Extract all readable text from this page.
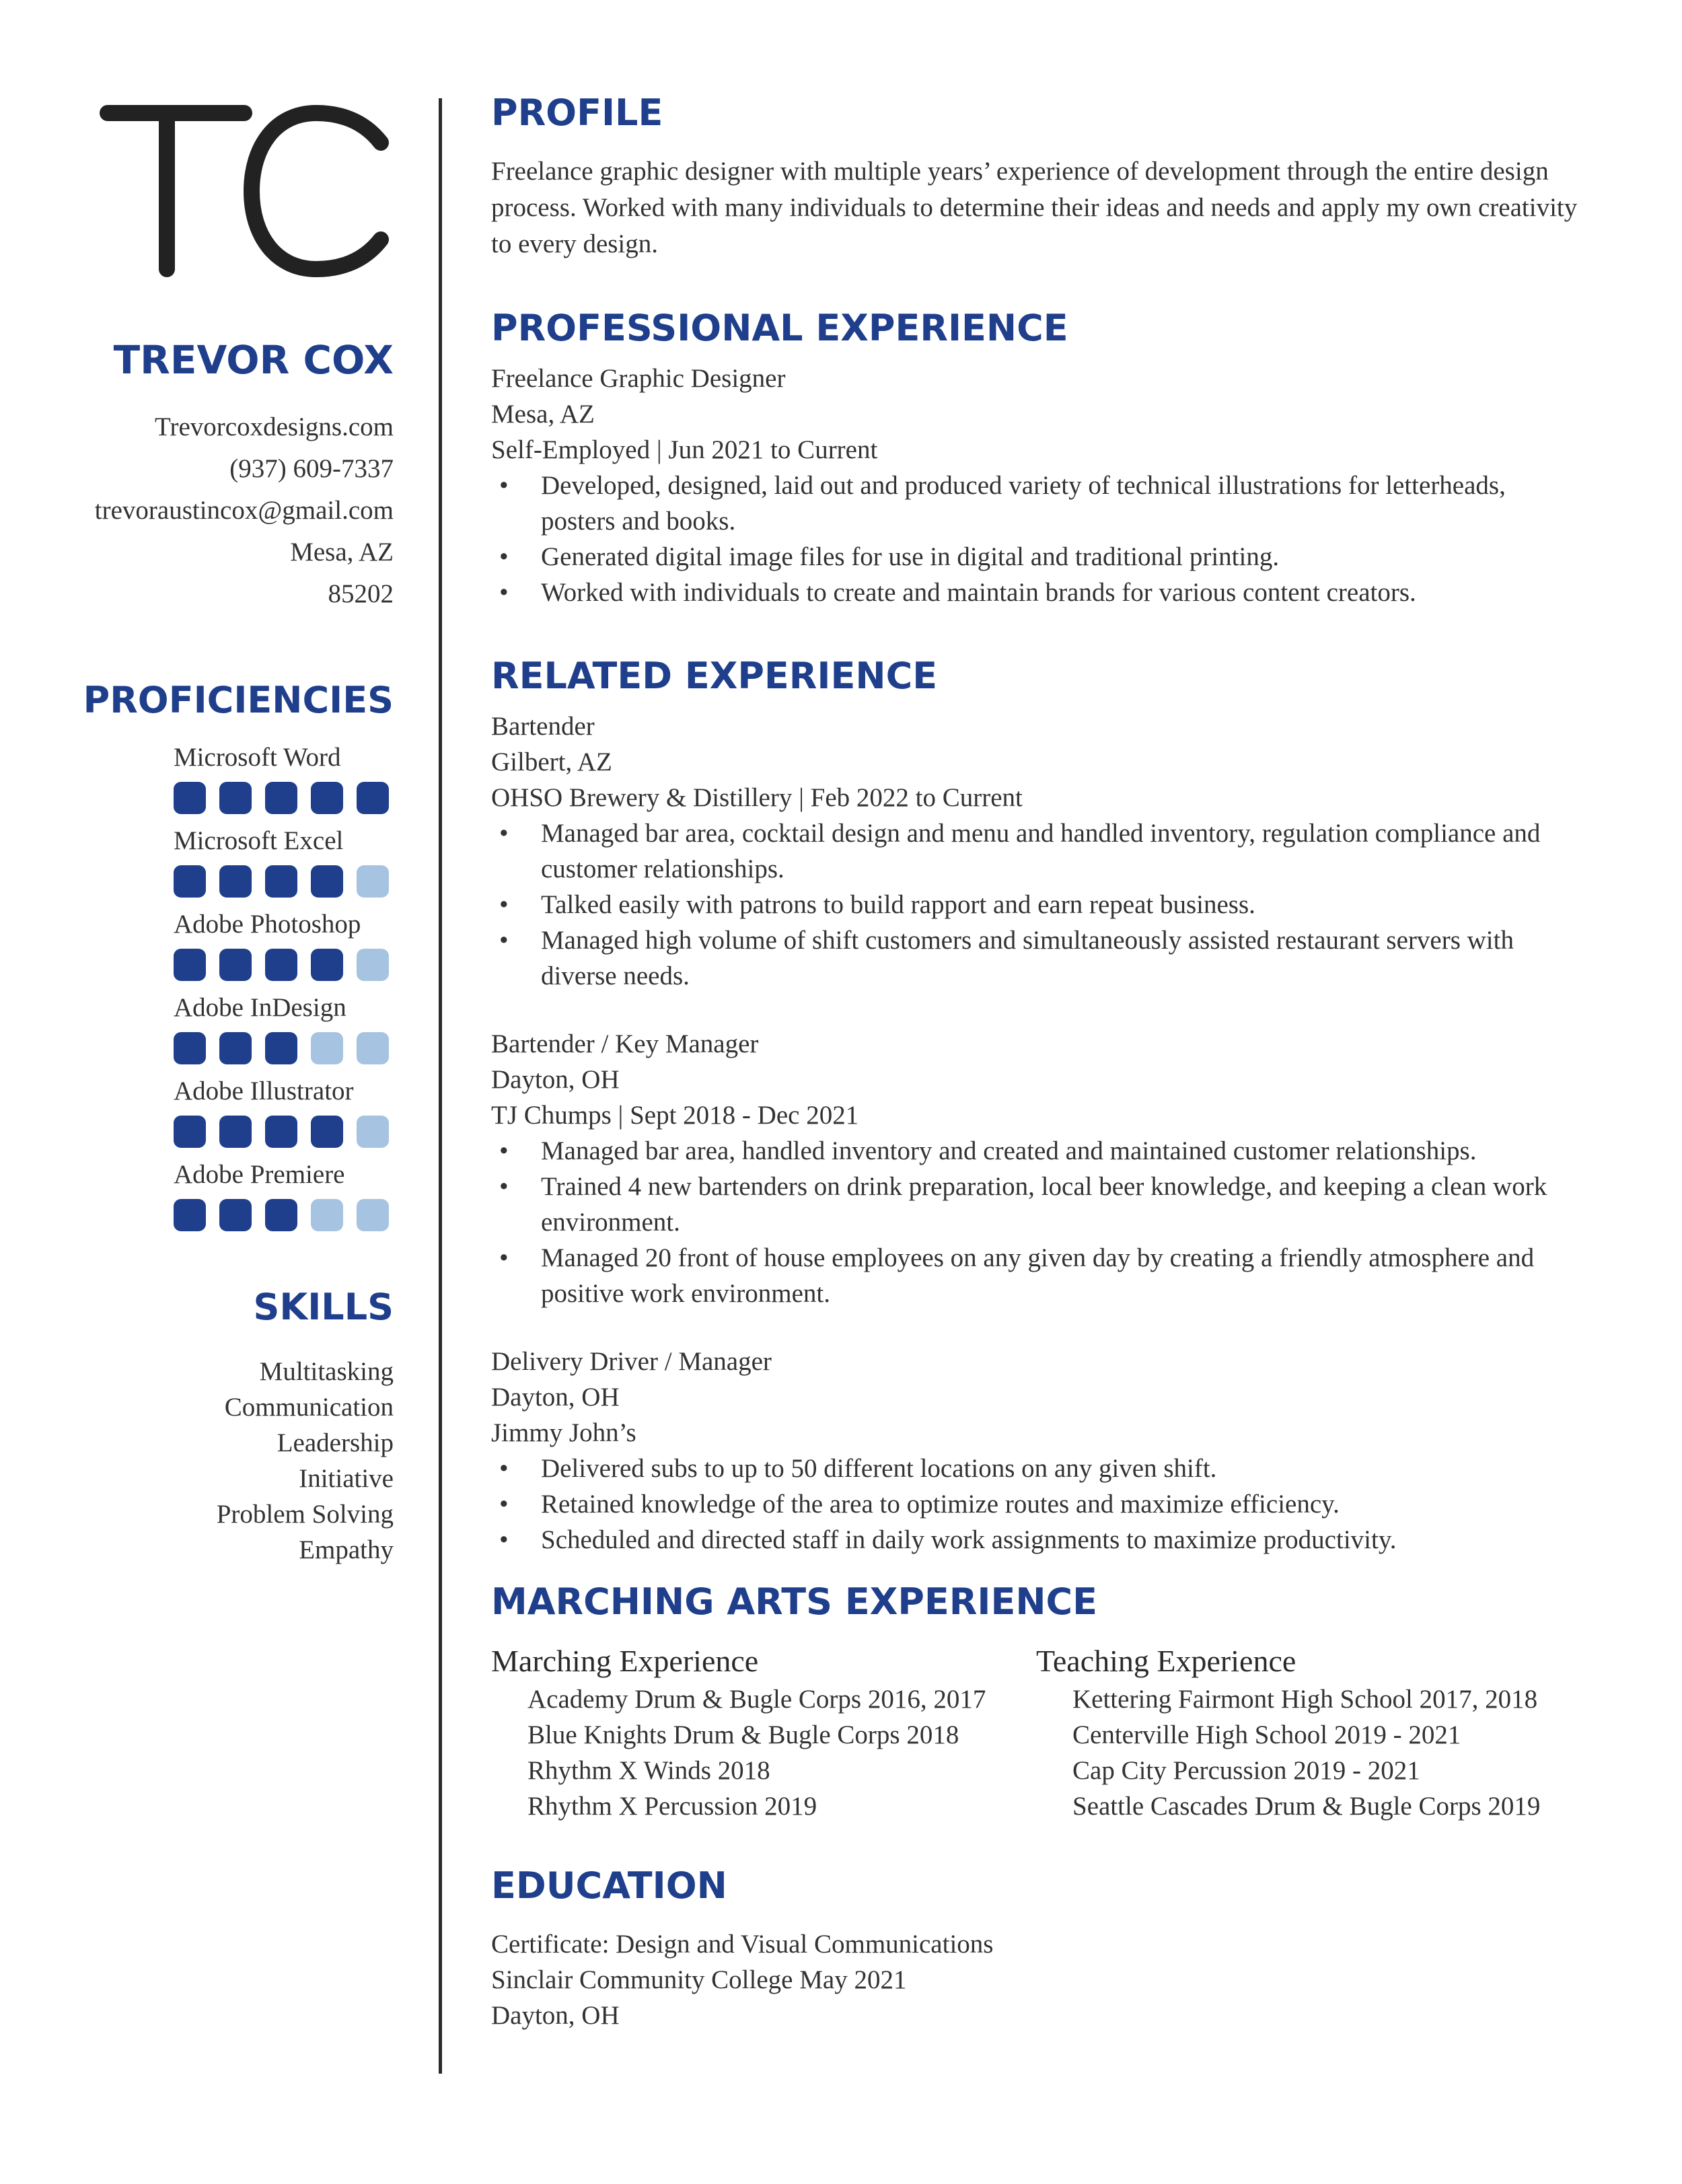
TREVOR COX
Trevorcoxdesigns.com
(937) 609-7337
trevoraustincox@gmail.com
Mesa, AZ
85202
PROFICIENCIES
Microsoft Word
Microsoft Excel
Adobe Photoshop
Adobe InDesign
Adobe Illustrator
Adobe Premiere
SKILLS
Multitasking
Communication
Leadership
Initiative
Problem Solving
Empathy
PROFILE

Freelance graphic designer with multiple years’ experience of development through the entire design process. Worked with many individuals to determine their ideas and needs and apply my own creativity to every design.

PROFESSIONAL EXPERIENCE
Freelance Graphic Designer
Mesa, AZ
Self-Employed | Jun 2021 to Current
• Developed, designed, laid out and produced variety of technical illustrations for letterheads, posters and books.
• Generated digital image files for use in digital and traditional printing.
• Worked with individuals to create and maintain brands for various content creators.
RELATED EXPERIENCE
Bartender
Gilbert, AZ
OHSO Brewery & Distillery | Feb 2022 to Current
• Managed bar area, cocktail design and menu and handled inventory, regulation compliance and customer relationships.
• Talked easily with patrons to build rapport and earn repeat business.
• Managed high volume of shift customers and simultaneously assisted restaurant servers with diverse needs.
Bartender / Key Manager
Dayton, OH
TJ Chumps | Sept 2018 - Dec 2021
• Managed bar area, handled inventory and created and maintained customer relationships.
• Trained 4 new bartenders on drink preparation, local beer knowledge, and keeping a clean work environment.
• Managed 20 front of house employees on any given day by creating a friendly atmosphere and positive work environment.
Delivery Driver / Manager
Dayton, OH
Jimmy John’s
• Delivered subs to up to 50 different locations on any given shift.
• Retained knowledge of the area to optimize routes and maximize efficiency.
• Scheduled and directed staff in daily work assignments to maximize productivity.
MARCHING ARTS EXPERIENCE
Marching Experience
Academy Drum & Bugle Corps 2016, 2017
Blue Knights Drum & Bugle Corps 2018
Rhythm X Winds 2018
Rhythm X Percussion 2019
Teaching Experience
Kettering Fairmont High School 2017, 2018
Centerville High School 2019 - 2021
Cap City Percussion 2019 - 2021
Seattle Cascades Drum & Bugle Corps 2019
EDUCATION
Certificate: Design and Visual Communications
Sinclair Community College May 2021
Dayton, OH
